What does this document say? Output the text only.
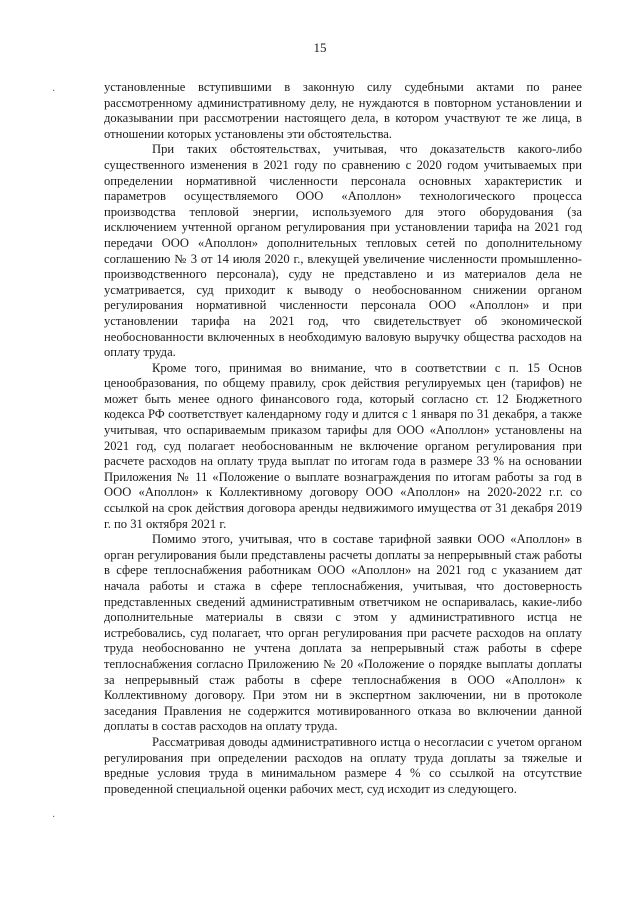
15
·
·

установленные вступившими в законную силу судебными актами по ранее рассмотренному административному делу, не нуждаются в повторном установлении и доказывании при рассмотрении настоящего дела, в котором участвуют те же лица, в отношении которых установлены эти обстоятельства.

При таких обстоятельствах, учитывая, что доказательств какого-либо существенного изменения в 2021 году по сравнению с 2020 годом учитываемых при определении нормативной численности персонала основных характеристик и параметров осуществляемого ООО «Аполлон» технологического процесса производства тепловой энергии, используемого для этого оборудования (за исключением учтенной органом регулирования при установлении тарифа на 2021 год передачи ООО «Аполлон» дополнительных тепловых сетей по дополнительному соглашению № 3 от 14 июля 2020 г., влекущей увеличение численности промышленно-производственного персонала), суду не представлено и из материалов дела не усматривается, суд приходит к выводу о необоснованном снижении органом регулирования нормативной численности персонала ООО «Аполлон» и при установлении тарифа на 2021 год, что свидетельствует об экономической необоснованности включенных в необходимую валовую выручку общества расходов на оплату труда.

Кроме того, принимая во внимание, что в соответствии с п. 15 Основ ценообразования, по общему правилу, срок действия регулируемых цен (тарифов) не может быть менее одного финансового года, который согласно ст. 12 Бюджетного кодекса РФ соответствует календарному году и длится с 1 января по 31 декабря, а также учитывая, что оспариваемым приказом тарифы для ООО «Аполлон» установлены на 2021 год, суд полагает необоснованным не включение органом регулирования при расчете расходов на оплату труда выплат по итогам года в размере 33 % на основании Приложения № 11 «Положение о выплате вознаграждения по итогам работы за год в ООО «Аполлон» к Коллективному договору ООО «Аполлон» на 2020-2022 г.г. со ссылкой на срок действия договора аренды недвижимого имущества от 31 декабря 2019 г. по 31 октября 2021 г.

Помимо этого, учитывая, что в составе тарифной заявки ООО «Аполлон» в орган регулирования были представлены расчеты доплаты за непрерывный стаж работы в сфере теплоснабжения работникам ООО «Аполлон» на 2021 год с указанием дат начала работы и стажа в сфере теплоснабжения, учитывая, что достоверность представленных сведений административным ответчиком не оспаривалась, какие-либо дополнительные материалы в связи с этом у административного истца не истребовались, суд полагает, что орган регулирования при расчете расходов на оплату труда необоснованно не учтена доплата за непрерывный стаж работы в сфере теплоснабжения согласно Приложению № 20 «Положение о порядке выплаты доплаты за непрерывный стаж работы в сфере теплоснабжения в ООО «Аполлон» к Коллективному договору. При этом ни в экспертном заключении, ни в протоколе заседания Правления не содержится мотивированного отказа во включении данной доплаты в состав расходов на оплату труда.

Рассматривая доводы административного истца о несогласии с учетом органом регулирования при определении расходов на оплату труда доплаты за тяжелые и вредные условия труда в минимальном размере 4 % со ссылкой на отсутствие проведенной специальной оценки рабочих мест, суд исходит из следующего.
